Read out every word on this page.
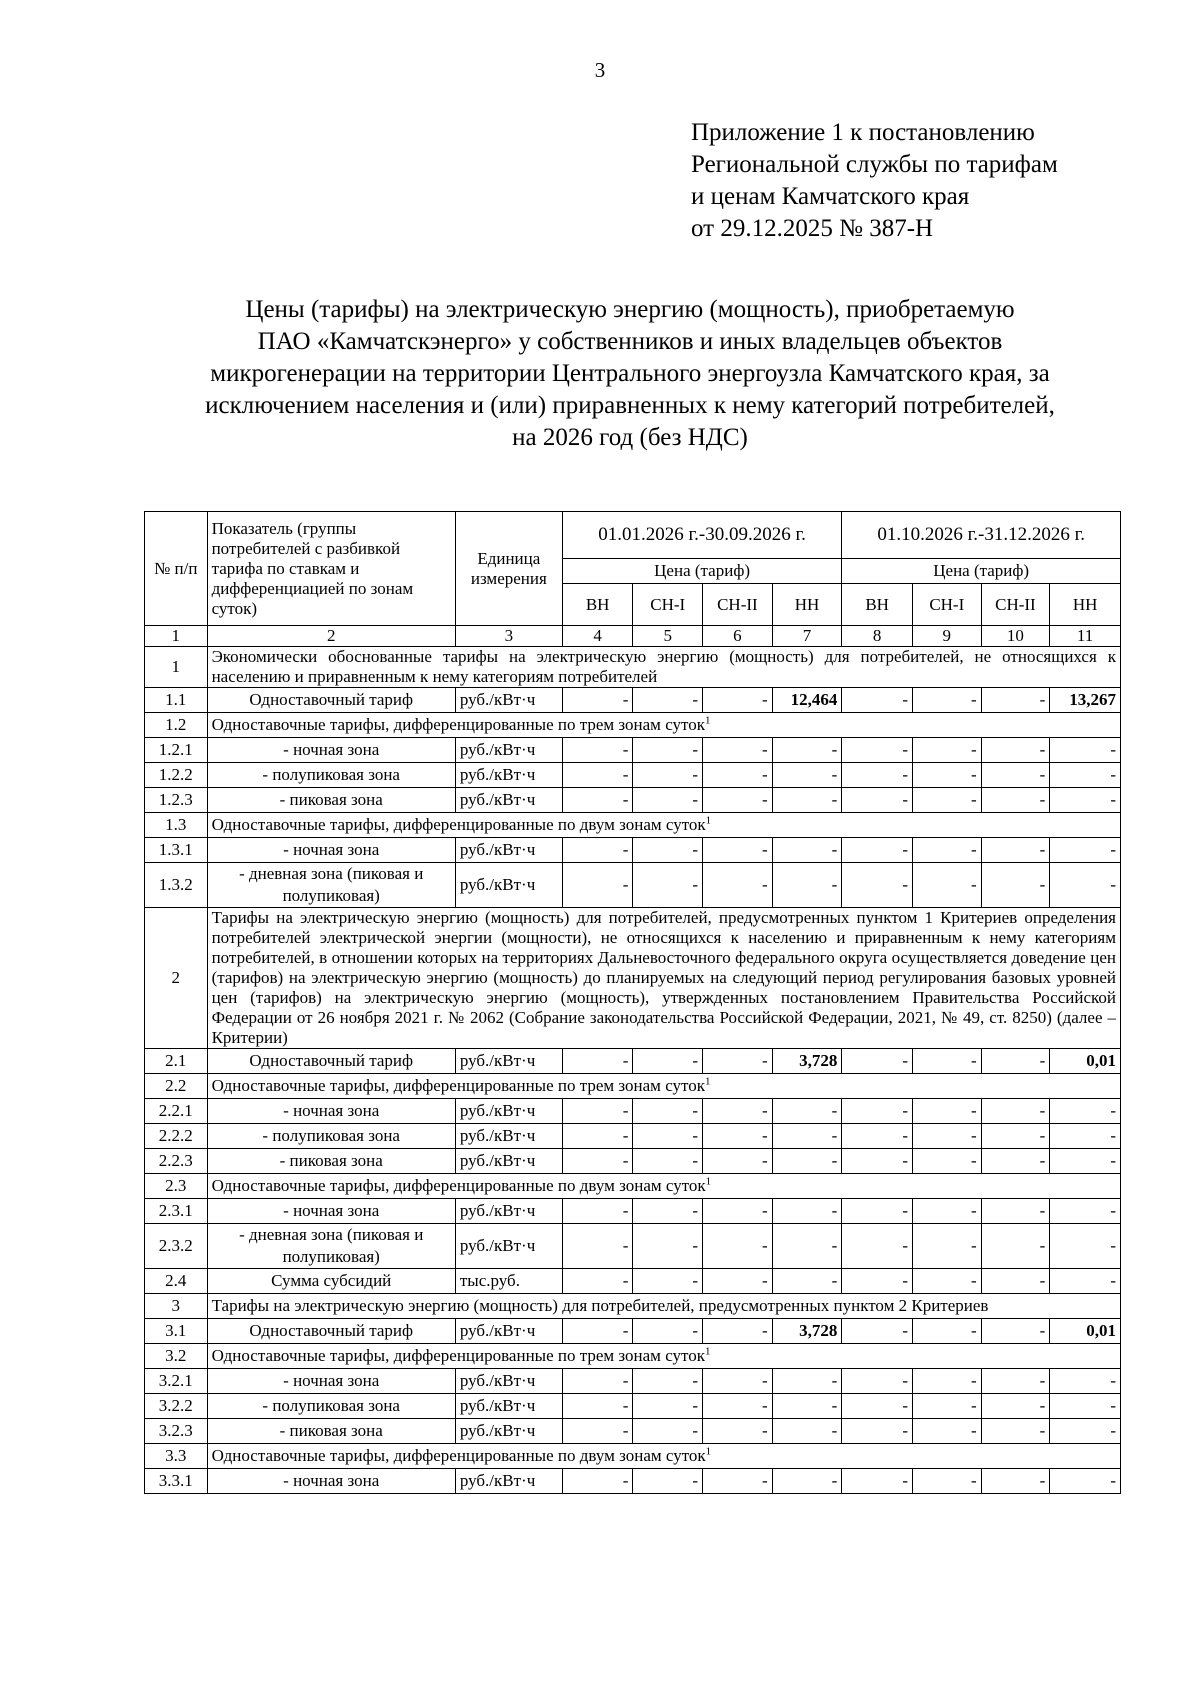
3
Приложение 1 к постановлению
Региональной службы по тарифам
и ценам Камчатского края
от 29.12.2025 № 387-Н
Цены (тарифы) на электрическую энергию (мощность), приобретаемую
ПАО «Камчатскэнерго» у собственников и иных владельцев объектов
микрогенерации на территории Центрального энергоузла Камчатского края, за
исключением населения и (или) приравненных к нему категорий потребителей,
на 2026 год (без НДС)
№ п/п	Показатель (группы потребителей с разбивкой тарифа по ставкам и дифференциацией по зонам суток)	Единица измерения	01.01.2026 г.-30.09.2026 г.				01.10.2026 г.-31.12.2026 г.			
			Цена (тариф)				Цена (тариф)			
			ВН	СН-I	СН-II	НН	ВН	СН-I	СН-II	НН
1	2	3	4	5	6	7	8	9	10	11
1	Экономически обоснованные тарифы на электрическую энергию (мощность) для потребителей, не относящихся к населению и приравненным к нему категориям потребителей									
1.1	Одноставочный тариф	руб./кВт·ч	-	-	-	12,464	-	-	-	13,267
1.2	Одноставочные тарифы, дифференцированные по трем зонам суток$^1$
1.2.1	- ночная зона	руб./кВт·ч	-	-	-	-	-	-	-	-
1.2.2	- полупиковая зона	руб./кВт·ч	-	-	-	-	-	-	-	-
1.2.3	- пиковая зона	руб./кВт·ч	-	-	-	-	-	-	-	-
1.3	Одноставочные тарифы, дифференцированные по двум зонам суток$^1$
1.3.1	- ночная зона	руб./кВт·ч	-	-	-	-	-	-	-	-
1.3.2	- дневная зона (пиковая и полупиковая)	руб./кВт·ч	-	-	-	-	-	-	-	-
2	Тарифы на электрическую энергию (мощность) для потребителей, предусмотренных пунктом 1 Критериев определения потребителей электрической энергии (мощности), не относящихся к населению и приравненным к нему категориям потребителей, в отношении которых на территориях Дальневосточного федерального округа осуществляется доведение цен (тарифов) на электрическую энергию (мощность) до планируемых на следующий период регулирования базовых уровней цен (тарифов) на электрическую энергию (мощность), утвержденных постановлением Правительства Российской Федерации от 26 ноября 2021 г. № 2062 (Собрание законодательства Российской Федерации, 2021, № 49, ст. 8250) (далее – Критерии)									
2.1	Одноставочный тариф	руб./кВт·ч	-	-	-	3,728	-	-	-	0,01
2.2	Одноставочные тарифы, дифференцированные по трем зонам суток$^1$
2.2.1	- ночная зона	руб./кВт·ч	-	-	-	-	-	-	-	-
2.2.2	- полупиковая зона	руб./кВт·ч	-	-	-	-	-	-	-	-
2.2.3	- пиковая зона	руб./кВт·ч	-	-	-	-	-	-	-	-
2.3	Одноставочные тарифы, дифференцированные по двум зонам суток$^1$
2.3.1	- ночная зона	руб./кВт·ч	-	-	-	-	-	-	-	-
2.3.2	- дневная зона (пиковая и полупиковая)	руб./кВт·ч	-	-	-	-	-	-	-	-
2.4	Сумма субсидий	тыс.руб.	-	-	-	-	-	-	-	-
3	Тарифы на электрическую энергию (мощность) для потребителей, предусмотренных пунктом 2 Критериев									
3.1	Одноставочный тариф	руб./кВт·ч	-	-	-	3,728	-	-	-	0,01
3.2	Одноставочные тарифы, дифференцированные по трем зонам суток$^1$
3.2.1	- ночная зона	руб./кВт·ч	-	-	-	-	-	-	-	-
3.2.2	- полупиковая зона	руб./кВт·ч	-	-	-	-	-	-	-	-
3.2.3	- пиковая зона	руб./кВт·ч	-	-	-	-	-	-	-	-
3.3	Одноставочные тарифы, дифференцированные по двум зонам суток$^1$
3.3.1	- ночная зона	руб./кВт·ч	-	-	-	-	-	-	-	-
